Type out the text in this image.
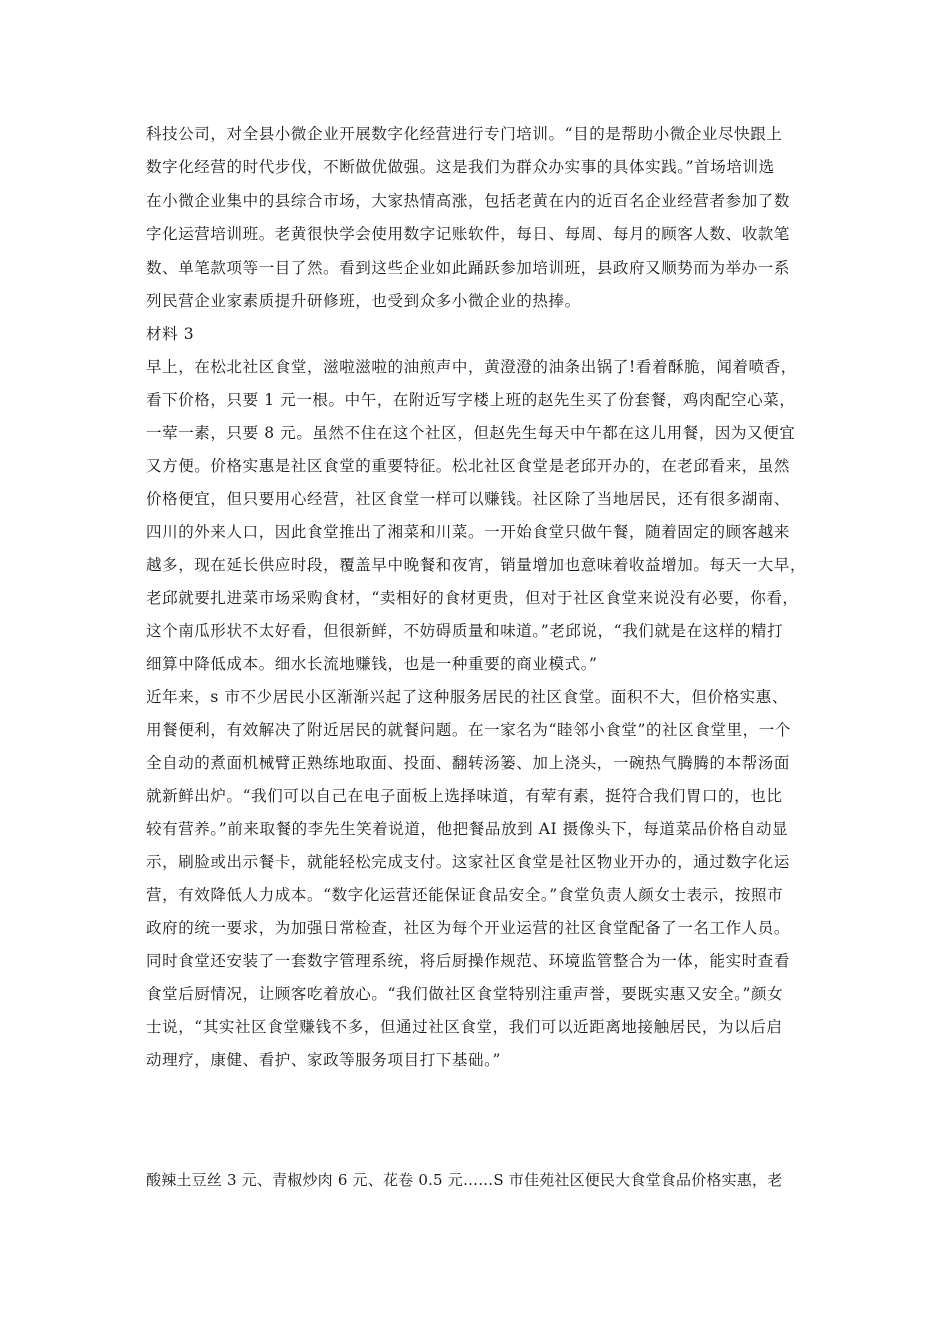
科技公司，对全县小微企业开展数字化经营进行专门培训。“目的是帮助小微企业尽快跟上
数字化经营的时代步伐，不断做优做强。这是我们为群众办实事的具体实践。”首场培训选
在小微企业集中的县综合市场，大家热情高涨，包括老黄在内的近百名企业经营者参加了数
字化运营培训班。老黄很快学会使用数字记账软件，每日、每周、每月的顾客人数、收款笔
数、单笔款项等一目了然。看到这些企业如此踊跃参加培训班，县政府又顺势而为举办一系
列民营企业家素质提升研修班，也受到众多小微企业的热捧。
材料 3
早上，在松北社区食堂，滋啦滋啦的油煎声中，黄澄澄的油条出锅了!看着酥脆，闻着喷香，
看下价格，只要 1 元一根。中午，在附近写字楼上班的赵先生买了份套餐，鸡肉配空心菜，
一荤一素，只要 8 元。虽然不住在这个社区，但赵先生每天中午都在这儿用餐，因为又便宜
又方便。价格实惠是社区食堂的重要特征。松北社区食堂是老邱开办的，在老邱看来，虽然
价格便宜，但只要用心经营，社区食堂一样可以赚钱。社区除了当地居民，还有很多湖南、
四川的外来人口，因此食堂推出了湘菜和川菜。一开始食堂只做午餐，随着固定的顾客越来
越多，现在延长供应时段，覆盖早中晚餐和夜宵，销量增加也意味着收益增加。每天一大早，
老邱就要扎进菜市场采购食材，“卖相好的食材更贵，但对于社区食堂来说没有必要，你看，
这个南瓜形状不太好看，但很新鲜，不妨碍质量和味道。”老邱说，“我们就是在这样的精打
细算中降低成本。细水长流地赚钱，也是一种重要的商业模式。”
近年来，s 市不少居民小区渐渐兴起了这种服务居民的社区食堂。面积不大，但价格实惠、
用餐便利，有效解决了附近居民的就餐问题。在一家名为“睦邻小食堂”的社区食堂里，一个
全自动的煮面机械臂正熟练地取面、投面、翻转汤篓、加上浇头，一碗热气腾腾的本帮汤面
就新鲜出炉。“我们可以自己在电子面板上选择味道，有荤有素，挺符合我们胃口的，也比
较有营养。”前来取餐的李先生笑着说道，他把餐品放到 AI 摄像头下，每道菜品价格自动显
示，刷脸或出示餐卡，就能轻松完成支付。这家社区食堂是社区物业开办的，通过数字化运
营，有效降低人力成本。“数字化运营还能保证食品安全。”食堂负责人颜女士表示，按照市
政府的统一要求，为加强日常检查，社区为每个开业运营的社区食堂配备了一名工作人员。
同时食堂还安装了一套数字管理系统，将后厨操作规范、环境监管整合为一体，能实时查看
食堂后厨情况，让顾客吃着放心。“我们做社区食堂特别注重声誉，要既实惠又安全。”颜女
士说，“其实社区食堂赚钱不多，但通过社区食堂，我们可以近距离地接触居民，为以后启
动理疗，康健、看护、家政等服务项目打下基础。”
酸辣土豆丝 3 元、青椒炒肉 6 元、花卷 0.5 元……S 市佳苑社区便民大食堂食品价格实惠，老
